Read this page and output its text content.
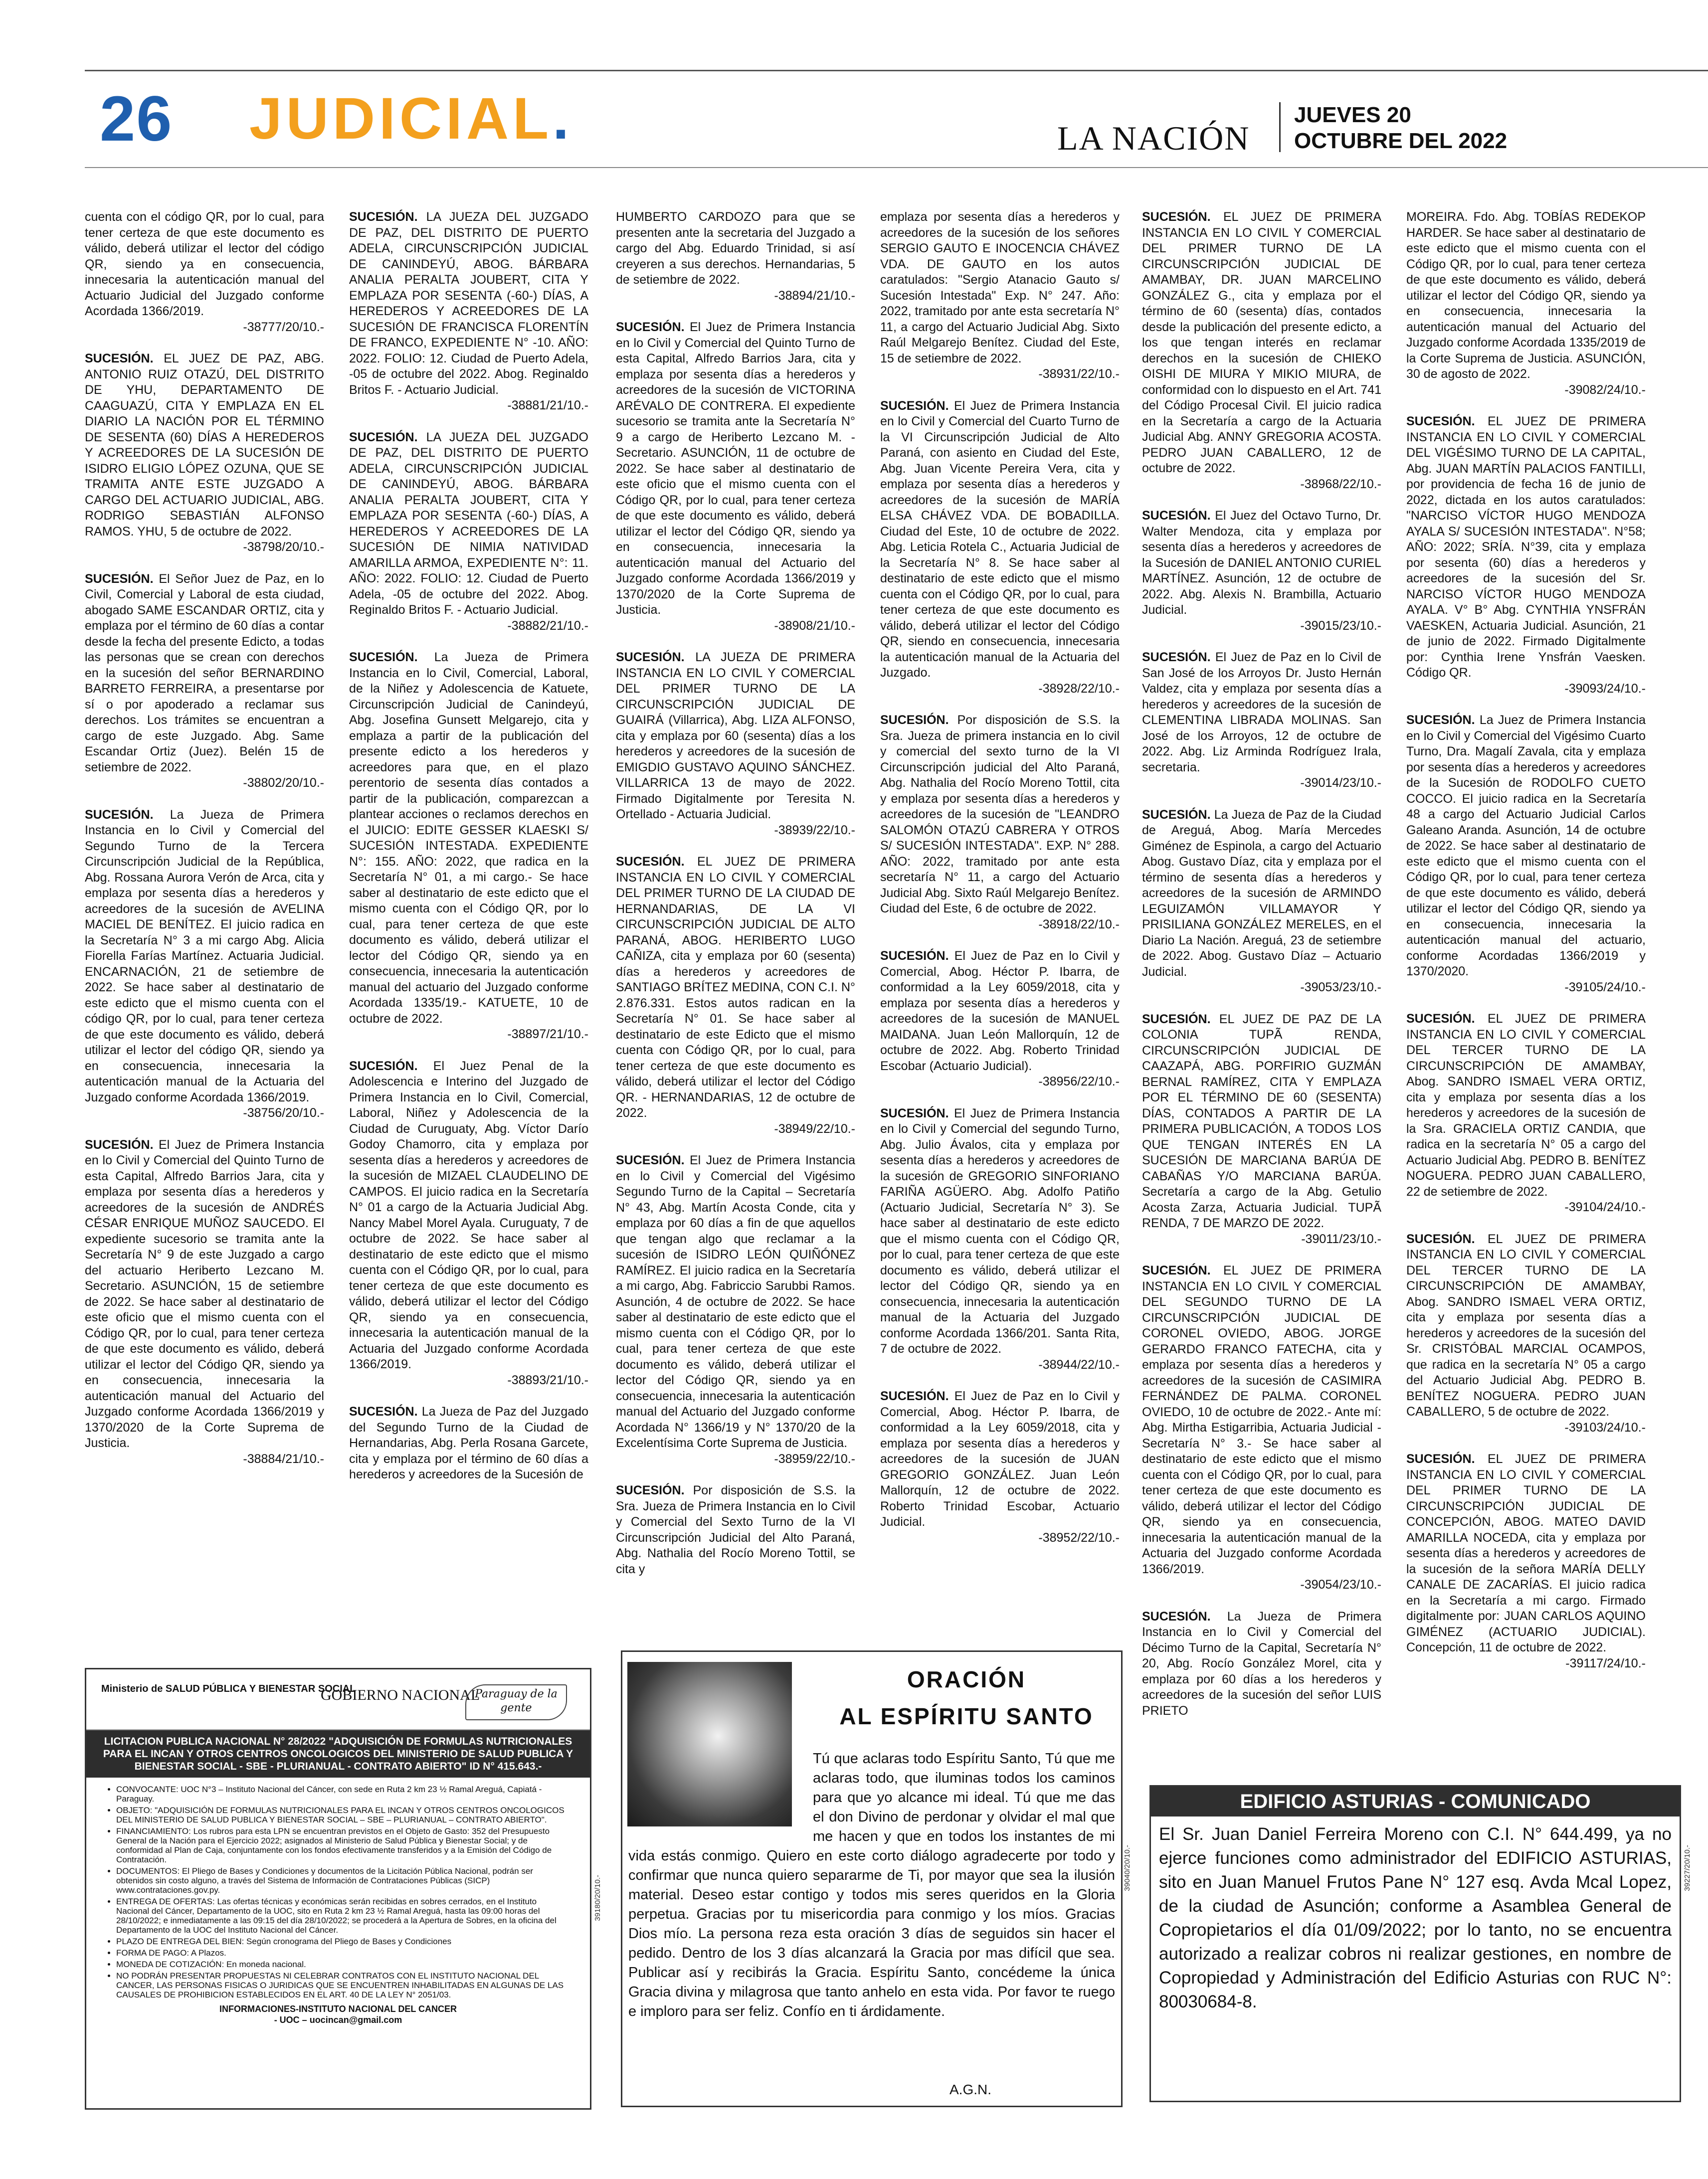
26 JUDICIAL.	LA NACIÓN
JUEVES 20
OCTUBRE DEL 2022
cuenta con el código QR, por lo cual, para tener certeza de que este documento es válido, deberá utilizar el lector del código QR, siendo ya en consecuencia, innecesaria la autenticación manual del Actuario Judicial del Juzgado conforme Acordada 1366/2019.
-38777/20/10.-
SUCESIÓN. EL JUEZ DE PAZ, ABG. ANTONIO RUIZ OTAZÚ, DEL DISTRITO DE YHU, DEPARTAMENTO DE CAAGUAZÚ, CITA Y EMPLAZA EN EL DIARIO LA NACIÓN POR EL TÉRMINO DE SESENTA (60) DÍAS A HEREDEROS Y ACREEDORES DE LA SUCESIÓN DE ISIDRO ELIGIO LÓPEZ OZUNA, QUE SE TRAMITA ANTE ESTE JUZGADO A CARGO DEL ACTUARIO JUDICIAL, ABG. RODRIGO SEBASTIÁN ALFONSO RAMOS. YHU, 5 de octubre de 2022.
-38798/20/10.-
SUCESIÓN. El Señor Juez de Paz, en lo Civil, Comercial y Laboral de esta ciudad, abogado SAME ESCANDAR ORTIZ, cita y emplaza por el término de 60 días a contar desde la fecha del presente Edicto, a todas las personas que se crean con derechos en la sucesión del señor BERNARDINO BARRETO FERREIRA, a presentarse por sí o por apoderado a reclamar sus derechos. Los trámites se encuentran a cargo de este Juzgado. Abg. Same Escandar Ortiz (Juez). Belén 15 de setiembre de 2022.
-38802/20/10.-
SUCESIÓN. La Jueza de Primera Instancia en lo Civil y Comercial del Segundo Turno de la Tercera Circunscripción Judicial de la República, Abg. Rossana Aurora Verón de Arca, cita y emplaza por sesenta días a herederos y acreedores de la sucesión de AVELINA MACIEL DE BENÍTEZ. El juicio radica en la Secretaría N° 3 a mi cargo Abg. Alicia Fiorella Farías Martínez. Actuaria Judicial. ENCARNACIÓN, 21 de setiembre de 2022. Se hace saber al destinatario de este edicto que el mismo cuenta con el código QR, por lo cual, para tener certeza de que este documento es válido, deberá utilizar el lector del código QR, siendo ya en consecuencia, innecesaria la autenticación manual de la Actuaria del Juzgado conforme Acordada 1366/2019.
-38756/20/10.-
SUCESIÓN. El Juez de Primera Instancia en lo Civil y Comercial del Quinto Turno de esta Capital, Alfredo Barrios Jara, cita y emplaza por sesenta días a herederos y acreedores de la sucesión de ANDRÉS CÉSAR ENRIQUE MUÑOZ SAUCEDO. El expediente sucesorio se tramita ante la Secretaría N° 9 de este Juzgado a cargo del actuario Heriberto Lezcano M. Secretario. ASUNCIÓN, 15 de setiembre de 2022. Se hace saber al destinatario de este oficio que el mismo cuenta con el Código QR, por lo cual, para tener certeza de que este documento es válido, deberá utilizar el lector del Código QR, siendo ya en consecuencia, innecesaria la autenticación manual del Actuario del Juzgado conforme Acordada 1366/2019 y 1370/2020 de la Corte Suprema de Justicia.
-38884/21/10.-
SUCESIÓN. LA JUEZA DEL JUZGADO DE PAZ, DEL DISTRITO DE PUERTO ADELA, CIRCUNSCRIPCIÓN JUDICIAL DE CANINDEYÚ, ABOG. BÁRBARA ANALIA PERALTA JOUBERT, CITA Y EMPLAZA POR SESENTA (-60-) DÍAS, A HEREDEROS Y ACREEDORES DE LA SUCESIÓN DE FRANCISCA FLORENTÍN DE FRANCO, EXPEDIENTE N° -10. AÑO: 2022. FOLIO: 12. Ciudad de Puerto Adela, -05 de octubre del 2022. Abog. Reginaldo Britos F. - Actuario Judicial.
-38881/21/10.-
SUCESIÓN. LA JUEZA DEL JUZGADO DE PAZ, DEL DISTRITO DE PUERTO ADELA, CIRCUNSCRIPCIÓN JUDICIAL DE CANINDEYÚ, ABOG. BÁRBARA ANALIA PERALTA JOUBERT, CITA Y EMPLAZA POR SESENTA (-60-) DÍAS, A HEREDEROS Y ACREEDORES DE LA SUCESIÓN DE NIMIA NATIVIDAD AMARILLA ARMOA, EXPEDIENTE N°: 11. AÑO: 2022. FOLIO: 12. Ciudad de Puerto Adela, -05 de octubre del 2022. Abog. Reginaldo Britos F. - Actuario Judicial.
-38882/21/10.-
SUCESIÓN. La Jueza de Primera Instancia en lo Civil, Comercial, Laboral, de la Niñez y Adolescencia de Katuete, Circunscripción Judicial de Canindeyú, Abg. Josefina Gunsett Melgarejo, cita y emplaza a partir de la publicación del presente edicto a los herederos y acreedores para que, en el plazo perentorio de sesenta días contados a partir de la publicación, comparezcan a plantear acciones o reclamos derechos en el JUICIO: EDITE GESSER KLAESKI S/ SUCESIÓN INTESTADA. EXPEDIENTE N°: 155. AÑO: 2022, que radica en la Secretaría N° 01, a mi cargo.- Se hace saber al destinatario de este edicto que el mismo cuenta con el Código QR, por lo cual, para tener certeza de que este documento es válido, deberá utilizar el lector del Código QR, siendo ya en consecuencia, innecesaria la autenticación manual del actuario del Juzgado conforme Acordada 1335/19.- KATUETE, 10 de octubre de 2022.
-38897/21/10.-
SUCESIÓN. El Juez Penal de la Adolescencia e Interino del Juzgado de Primera Instancia en lo Civil, Comercial, Laboral, Niñez y Adolescencia de la Ciudad de Curuguaty, Abg. Víctor Darío Godoy Chamorro, cita y emplaza por sesenta días a herederos y acreedores de la sucesión de MIZAEL CLAUDELINO DE CAMPOS. El juicio radica en la Secretaría N° 01 a cargo de la Actuaria Judicial Abg. Nancy Mabel Morel Ayala. Curuguaty, 7 de octubre de 2022. Se hace saber al destinatario de este edicto que el mismo cuenta con el Código QR, por lo cual, para tener certeza de que este documento es válido, deberá utilizar el lector del Código QR, siendo ya en consecuencia, innecesaria la autenticación manual de la Actuaria del Juzgado conforme Acordada 1366/2019.
-38893/21/10.-
SUCESIÓN. La Jueza de Paz del Juzgado del Segundo Turno de la Ciudad de Hernandarias, Abg. Perla Rosana Garcete, cita y emplaza por el término de 60 días a herederos y acreedores de la Sucesión de
HUMBERTO CARDOZO para que se presenten ante la secretaria del Juzgado a cargo del Abg. Eduardo Trinidad, si así creyeren a sus derechos. Hernandarias, 5 de setiembre de 2022.
-38894/21/10.-
SUCESIÓN. El Juez de Primera Instancia en lo Civil y Comercial del Quinto Turno de esta Capital, Alfredo Barrios Jara, cita y emplaza por sesenta días a herederos y acreedores de la sucesión de VICTORINA ARÉVALO DE CONTRERA. El expediente sucesorio se tramita ante la Secretaría N° 9 a cargo de Heriberto Lezcano M. - Secretario. ASUNCIÓN, 11 de octubre de 2022. Se hace saber al destinatario de este oficio que el mismo cuenta con el Código QR, por lo cual, para tener certeza de que este documento es válido, deberá utilizar el lector del Código QR, siendo ya en consecuencia, innecesaria la autenticación manual del Actuario del Juzgado conforme Acordada 1366/2019 y 1370/2020 de la Corte Suprema de Justicia.
-38908/21/10.-
SUCESIÓN. LA JUEZA DE PRIMERA INSTANCIA EN LO CIVIL Y COMERCIAL DEL PRIMER TURNO DE LA CIRCUNSCRIPCIÓN JUDICIAL DE GUAIRÁ (Villarrica), Abg. LIZA ALFONSO, cita y emplaza por 60 (sesenta) días a los herederos y acreedores de la sucesión de EMIGDIO GUSTAVO AQUINO SÁNCHEZ. VILLARRICA 13 de mayo de 2022. Firmado Digitalmente por Teresita N. Ortellado - Actuaria Judicial.
-38939/22/10.-
SUCESIÓN. EL JUEZ DE PRIMERA INSTANCIA EN LO CIVIL Y COMERCIAL DEL PRIMER TURNO DE LA CIUDAD DE HERNANDARIAS, DE LA VI CIRCUNSCRIPCIÓN JUDICIAL DE ALTO PARANÁ, ABOG. HERIBERTO LUGO CAÑIZA, cita y emplaza por 60 (sesenta) días a herederos y acreedores de SANTIAGO BRÍTEZ MEDINA, CON C.I. N° 2.876.331. Estos autos radican en la Secretaría N° 01. Se hace saber al destinatario de este Edicto que el mismo cuenta con Código QR, por lo cual, para tener certeza de que este documento es válido, deberá utilizar el lector del Código QR. - HERNANDARIAS, 12 de octubre de 2022.
-38949/22/10.-
SUCESIÓN. El Juez de Primera Instancia en lo Civil y Comercial del Vigésimo Segundo Turno de la Capital – Secretaría N° 43, Abg. Martín Acosta Conde, cita y emplaza por 60 días a fin de que aquellos que tengan algo que reclamar a la sucesión de ISIDRO LEÓN QUIÑÓNEZ RAMÍREZ. El juicio radica en la Secretaría a mi cargo, Abg. Fabriccio Sarubbi Ramos. Asunción, 4 de octubre de 2022. Se hace saber al destinatario de este edicto que el mismo cuenta con el Código QR, por lo cual, para tener certeza de que este documento es válido, deberá utilizar el lector del Código QR, siendo ya en consecuencia, innecesaria la autenticación manual del Actuario del Juzgado conforme Acordada N° 1366/19 y N° 1370/20 de la Excelentísima Corte Suprema de Justicia.
-38959/22/10.-
SUCESIÓN. Por disposición de S.S. la Sra. Jueza de Primera Instancia en lo Civil y Comercial del Sexto Turno de la VI Circunscripción Judicial del Alto Paraná, Abg. Nathalia del Rocío Moreno Tottil, se cita y
emplaza por sesenta días a herederos y acreedores de la sucesión de los señores SERGIO GAUTO E INOCENCIA CHÁVEZ VDA. DE GAUTO en los autos caratulados: "Sergio Atanacio Gauto s/ Sucesión Intestada" Exp. N° 247. Año: 2022, tramitado por ante esta secretaría N° 11, a cargo del Actuario Judicial Abg. Sixto Raúl Melgarejo Benítez. Ciudad del Este, 15 de setiembre de 2022.
-38931/22/10.-
SUCESIÓN. El Juez de Primera Instancia en lo Civil y Comercial del Cuarto Turno de la VI Circunscripción Judicial de Alto Paraná, con asiento en Ciudad del Este, Abg. Juan Vicente Pereira Vera, cita y emplaza por sesenta días a herederos y acreedores de la sucesión de MARÍA ELSA CHÁVEZ VDA. DE BOBADILLA. Ciudad del Este, 10 de octubre de 2022. Abg. Leticia Rotela C., Actuaria Judicial de la Secretaría N° 8. Se hace saber al destinatario de este edicto que el mismo cuenta con el Código QR, por lo cual, para tener certeza de que este documento es válido, deberá utilizar el lector del Código QR, siendo en consecuencia, innecesaria la autenticación manual de la Actuaria del Juzgado.
-38928/22/10.-
SUCESIÓN. Por disposición de S.S. la Sra. Jueza de primera instancia en lo civil y comercial del sexto turno de la VI Circunscripción judicial del Alto Paraná, Abg. Nathalia del Rocío Moreno Tottil, cita y emplaza por sesenta días a herederos y acreedores de la sucesión de "LEANDRO SALOMÓN OTAZÚ CABRERA Y OTROS S/ SUCESIÓN INTESTADA". EXP. N° 288. AÑO: 2022, tramitado por ante esta secretaría N° 11, a cargo del Actuario Judicial Abg. Sixto Raúl Melgarejo Benítez. Ciudad del Este, 6 de octubre de 2022.
-38918/22/10.-
SUCESIÓN. El Juez de Paz en lo Civil y Comercial, Abog. Héctor P. Ibarra, de conformidad a la Ley 6059/2018, cita y emplaza por sesenta días a herederos y acreedores de la sucesión de MANUEL MAIDANA. Juan León Mallorquín, 12 de octubre de 2022. Abg. Roberto Trinidad Escobar (Actuario Judicial).
-38956/22/10.-
SUCESIÓN. El Juez de Primera Instancia en lo Civil y Comercial del segundo Turno, Abg. Julio Ávalos, cita y emplaza por sesenta días a herederos y acreedores de la sucesión de GREGORIO SINFORIANO FARIÑA AGÜERO. Abg. Adolfo Patiño (Actuario Judicial, Secretaría N° 3). Se hace saber al destinatario de este edicto que el mismo cuenta con el Código QR, por lo cual, para tener certeza de que este documento es válido, deberá utilizar el lector del Código QR, siendo ya en consecuencia, innecesaria la autenticación manual de la Actuaria del Juzgado conforme Acordada 1366/201. Santa Rita, 7 de octubre de 2022.
-38944/22/10.-
SUCESIÓN. El Juez de Paz en lo Civil y Comercial, Abog. Héctor P. Ibarra, de conformidad a la Ley 6059/2018, cita y emplaza por sesenta días a herederos y acreedores de la sucesión de JUAN GREGORIO GONZÁLEZ. Juan León Mallorquín, 12 de octubre de 2022. Roberto Trinidad Escobar, Actuario Judicial.
-38952/22/10.-
SUCESIÓN. EL JUEZ DE PRIMERA INSTANCIA EN LO CIVIL Y COMERCIAL DEL PRIMER TURNO DE LA CIRCUNSCRIPCIÓN JUDICIAL DE AMAMBAY, DR. JUAN MARCELINO GONZÁLEZ G., cita y emplaza por el término de 60 (sesenta) días, contados desde la publicación del presente edicto, a los que tengan interés en reclamar derechos en la sucesión de CHIEKO OISHI DE MIURA Y MIKIO MIURA, de conformidad con lo dispuesto en el Art. 741 del Código Procesal Civil. El juicio radica en la Secretaría a cargo de la Actuaria Judicial Abg. ANNY GREGORIA ACOSTA. PEDRO JUAN CABALLERO, 12 de octubre de 2022.
-38968/22/10.-
SUCESIÓN. El Juez del Octavo Turno, Dr. Walter Mendoza, cita y emplaza por sesenta días a herederos y acreedores de la Sucesión de DANIEL ANTONIO CURIEL MARTÍNEZ. Asunción, 12 de octubre de 2022. Abg. Alexis N. Brambilla, Actuario Judicial.
-39015/23/10.-
SUCESIÓN. El Juez de Paz en lo Civil de San José de los Arroyos Dr. Justo Hernán Valdez, cita y emplaza por sesenta días a herederos y acreedores de la sucesión de CLEMENTINA LIBRADA MOLINAS. San José de los Arroyos, 12 de octubre de 2022. Abg. Liz Arminda Rodríguez Irala, secretaria.
-39014/23/10.-
SUCESIÓN. La Jueza de Paz de la Ciudad de Areguá, Abog. María Mercedes Giménez de Espinola, a cargo del Actuario Abog. Gustavo Díaz, cita y emplaza por el término de sesenta días a herederos y acreedores de la sucesión de ARMINDO LEGUIZAMÓN VILLAMAYOR Y PRISILIANA GONZÁLEZ MERELES, en el Diario La Nación. Areguá, 23 de setiembre de 2022. Abog. Gustavo Díaz – Actuario Judicial.
-39053/23/10.-
SUCESIÓN. EL JUEZ DE PAZ DE LA COLONIA TUPÃ RENDA, CIRCUNSCRIPCIÓN JUDICIAL DE CAAZAPÁ, ABG. PORFIRIO GUZMÁN BERNAL RAMÍREZ, CITA Y EMPLAZA POR EL TÉRMINO DE 60 (SESENTA) DÍAS, CONTADOS A PARTIR DE LA PRIMERA PUBLICACIÓN, A TODOS LOS QUE TENGAN INTERÉS EN LA SUCESIÓN DE MARCIANA BARÚA DE CABAÑAS Y/O MARCIANA BARÚA. Secretaría a cargo de la Abg. Getulio Acosta Zarza, Actuaria Judicial. TUPÃ RENDA, 7 DE MARZO DE 2022.
-39011/23/10.-
SUCESIÓN. EL JUEZ DE PRIMERA INSTANCIA EN LO CIVIL Y COMERCIAL DEL SEGUNDO TURNO DE LA CIRCUNSCRIPCIÓN JUDICIAL DE CORONEL OVIEDO, ABOG. JORGE GERARDO FRANCO FATECHA, cita y emplaza por sesenta días a herederos y acreedores de la sucesión de CASIMIRA FERNÁNDEZ DE PALMA. CORONEL OVIEDO, 10 de octubre de 2022.- Ante mí: Abg. Mirtha Estigarribia, Actuaria Judicial - Secretaría N° 3.- Se hace saber al destinatario de este edicto que el mismo cuenta con el Código QR, por lo cual, para tener certeza de que este documento es válido, deberá utilizar el lector del Código QR, siendo ya en consecuencia, innecesaria la autenticación manual de la Actuaria del Juzgado conforme Acordada 1366/2019.
-39054/23/10.-
SUCESIÓN. La Jueza de Primera Instancia en lo Civil y Comercial del Décimo Turno de la Capital, Secretaría N° 20, Abg. Rocío González Morel, cita y emplaza por 60 días a los herederos y acreedores de la sucesión del señor LUIS PRIETO
MOREIRA. Fdo. Abg. TOBÍAS REDEKOP HARDER. Se hace saber al destinatario de este edicto que el mismo cuenta con el Código QR, por lo cual, para tener certeza de que este documento es válido, deberá utilizar el lector del Código QR, siendo ya en consecuencia, innecesaria la autenticación manual del Actuario del Juzgado conforme Acordada 1335/2019 de la Corte Suprema de Justicia. ASUNCIÓN, 30 de agosto de 2022.
-39082/24/10.-
SUCESIÓN. EL JUEZ DE PRIMERA INSTANCIA EN LO CIVIL Y COMERCIAL DEL VIGÉSIMO TURNO DE LA CAPITAL, Abg. JUAN MARTÍN PALACIOS FANTILLI, por providencia de fecha 16 de junio de 2022, dictada en los autos caratulados: "NARCISO VÍCTOR HUGO MENDOZA AYALA S/ SUCESIÓN INTESTADA". N°58; AÑO: 2022; SRÍA. N°39, cita y emplaza por sesenta (60) días a herederos y acreedores de la sucesión del Sr. NARCISO VÍCTOR HUGO MENDOZA AYALA. V° B° Abg. CYNTHIA YNSFRÁN VAESKEN, Actuaria Judicial. Asunción, 21 de junio de 2022. Firmado Digitalmente por: Cynthia Irene Ynsfrán Vaesken. Código QR.
-39093/24/10.-
SUCESIÓN. La Juez de Primera Instancia en lo Civil y Comercial del Vigésimo Cuarto Turno, Dra. Magalí Zavala, cita y emplaza por sesenta días a herederos y acreedores de la Sucesión de RODOLFO CUETO COCCO. El juicio radica en la Secretaría 48 a cargo del Actuario Judicial Carlos Galeano Aranda. Asunción, 14 de octubre de 2022. Se hace saber al destinatario de este edicto que el mismo cuenta con el Código QR, por lo cual, para tener certeza de que este documento es válido, deberá utilizar el lector del Código QR, siendo ya en consecuencia, innecesaria la autenticación manual del actuario, conforme Acordadas 1366/2019 y 1370/2020.
-39105/24/10.-
SUCESIÓN. EL JUEZ DE PRIMERA INSTANCIA EN LO CIVIL Y COMERCIAL DEL TERCER TURNO DE LA CIRCUNSCRIPCIÓN DE AMAMBAY, Abog. SANDRO ISMAEL VERA ORTIZ, cita y emplaza por sesenta días a los herederos y acreedores de la sucesión de la Sra. GRACIELA ORTIZ CANDIA, que radica en la secretaría N° 05 a cargo del Actuario Judicial Abg. PEDRO B. BENÍTEZ NOGUERA. PEDRO JUAN CABALLERO, 22 de setiembre de 2022.
-39104/24/10.-
SUCESIÓN. EL JUEZ DE PRIMERA INSTANCIA EN LO CIVIL Y COMERCIAL DEL TERCER TURNO DE LA CIRCUNSCRIPCIÓN DE AMAMBAY, Abog. SANDRO ISMAEL VERA ORTIZ, cita y emplaza por sesenta días a herederos y acreedores de la sucesión del Sr. CRISTÓBAL MARCIAL OCAMPOS, que radica en la secretaría N° 05 a cargo del Actuario Judicial Abg. PEDRO B. BENÍTEZ NOGUERA. PEDRO JUAN CABALLERO, 5 de octubre de 2022.
-39103/24/10.-
SUCESIÓN. EL JUEZ DE PRIMERA INSTANCIA EN LO CIVIL Y COMERCIAL DEL PRIMER TURNO DE LA CIRCUNSCRIPCIÓN JUDICIAL DE CONCEPCIÓN, ABOG. MATEO DAVID AMARILLA NOCEDA, cita y emplaza por sesenta días a herederos y acreedores de la sucesión de la señora MARÍA DELLY CANALE DE ZACARÍAS. El juicio radica en la Secretaría a mi cargo. Firmado digitalmente por: JUAN CARLOS AQUINO GIMÉNEZ (ACTUARIO JUDICIAL). Concepción, 11 de octubre de 2022.
-39117/24/10.-
Ministerio de SALUD PÚBLICA Y BIENESTAR SOCIAL
GOBIERNO NACIONAL
Paraguay de la gente
LICITACION PUBLICA NACIONAL N° 28/2022 "ADQUISICIÓN DE FORMULAS NUTRICIONALES PARA EL INCAN Y OTROS CENTROS ONCOLOGICOS DEL MINISTERIO DE SALUD PUBLICA Y BIENESTAR SOCIAL - SBE - PLURIANUAL - CONTRATO ABIERTO" ID N° 415.643.-
• CONVOCANTE: UOC N°3 – Instituto Nacional del Cáncer, con sede en Ruta 2 km 23 ½ Ramal Areguá, Capiatá - Paraguay.
• OBJETO: "ADQUISICIÓN DE FORMULAS NUTRICIONALES PARA EL INCAN Y OTROS CENTROS ONCOLOGICOS DEL MINISTERIO DE SALUD PUBLICA Y BIENESTAR SOCIAL – SBE – PLURIANUAL – CONTRATO ABIERTO".
• FINANCIAMIENTO: Los rubros para esta LPN se encuentran previstos en el Objeto de Gasto: 352 del Presupuesto General de la Nación para el Ejercicio 2022; asignados al Ministerio de Salud Pública y Bienestar Social; y de conformidad al Plan de Caja, conjuntamente con los fondos efectivamente transferidos y a la Emisión del Código de Contratación.
• DOCUMENTOS: El Pliego de Bases y Condiciones y documentos de la Licitación Pública Nacional, podrán ser obtenidos sin costo alguno, a través del Sistema de Información de Contrataciones Públicas (SICP) www.contrataciones.gov.py.
• ENTREGA DE OFERTAS: Las ofertas técnicas y económicas serán recibidas en sobres cerrados, en el Instituto Nacional del Cáncer, Departamento de la UOC, sito en Ruta 2 km 23 ½ Ramal Areguá, hasta las 09:00 horas del 28/10/2022; e inmediatamente a las 09:15 del día 28/10/2022; se procederá a la Apertura de Sobres, en la oficina del Departamento de la UOC del Instituto Nacional del Cáncer.
• PLAZO DE ENTREGA DEL BIEN: Según cronograma del Pliego de Bases y Condiciones
• FORMA DE PAGO: A Plazos.
• MONEDA DE COTIZACIÓN: En moneda nacional.
• NO PODRÁN PRESENTAR PROPUESTAS NI CELEBRAR CONTRATOS CON EL INSTITUTO NACIONAL DEL CANCER, LAS PERSONAS FISICAS O JURIDICAS QUE SE ENCUENTREN INHABILITADAS EN ALGUNAS DE LAS CAUSALES DE PROHIBICION ESTABLECIDOS EN EL ART. 40 DE LA LEY N° 2051/03.
INFORMACIONES-INSTITUTO NACIONAL DEL CANCER
- UOC – uocincan@gmail.com
39180/20/10.-
ORACIÓN
AL ESPÍRITU SANTO
Tú que aclaras todo Espíritu Santo, Tú que me aclaras todo, que iluminas todos los caminos para que yo alcance mi ideal. Tú que me das el don Divino de perdonar y olvidar el mal que me hacen y que en todos los instantes de mi vida estás conmigo. Quiero en este corto diálogo agradecerte por todo y confirmar que nunca quiero separarme de Ti, por mayor que sea la ilusión material. Deseo estar contigo y todos mis seres queridos en la Gloria perpetua. Gracias por tu misericordia para conmigo y los míos. Gracias Dios mío. La persona reza esta oración 3 días de seguidos sin hacer el pedido. Dentro de los 3 días alcanzará la Gracia por mas difícil que sea. Publicar así y recibirás la Gracia. Espíritu Santo, concédeme la única Gracia divina y milagrosa que tanto anhelo en esta vida. Por favor te ruego e imploro para ser feliz. Confío en ti árdidamente.
A.G.N.
39040/20/10.-
EDIFICIO ASTURIAS - COMUNICADO
El Sr. Juan Daniel Ferreira Moreno con C.I. N° 644.499, ya no ejerce funciones como administrador del EDIFICIO ASTURIAS, sito en Juan Manuel Frutos Pane N° 127 esq. Avda Mcal Lopez, de la ciudad de Asunción; conforme a Asamblea General de Copropietarios el día 01/09/2022; por lo tanto, no se encuentra autorizado a realizar cobros ni realizar gestiones, en nombre de Copropiedad y Administración del Edificio Asturias con RUC N°: 80030684-8.
39227/20/10.-
